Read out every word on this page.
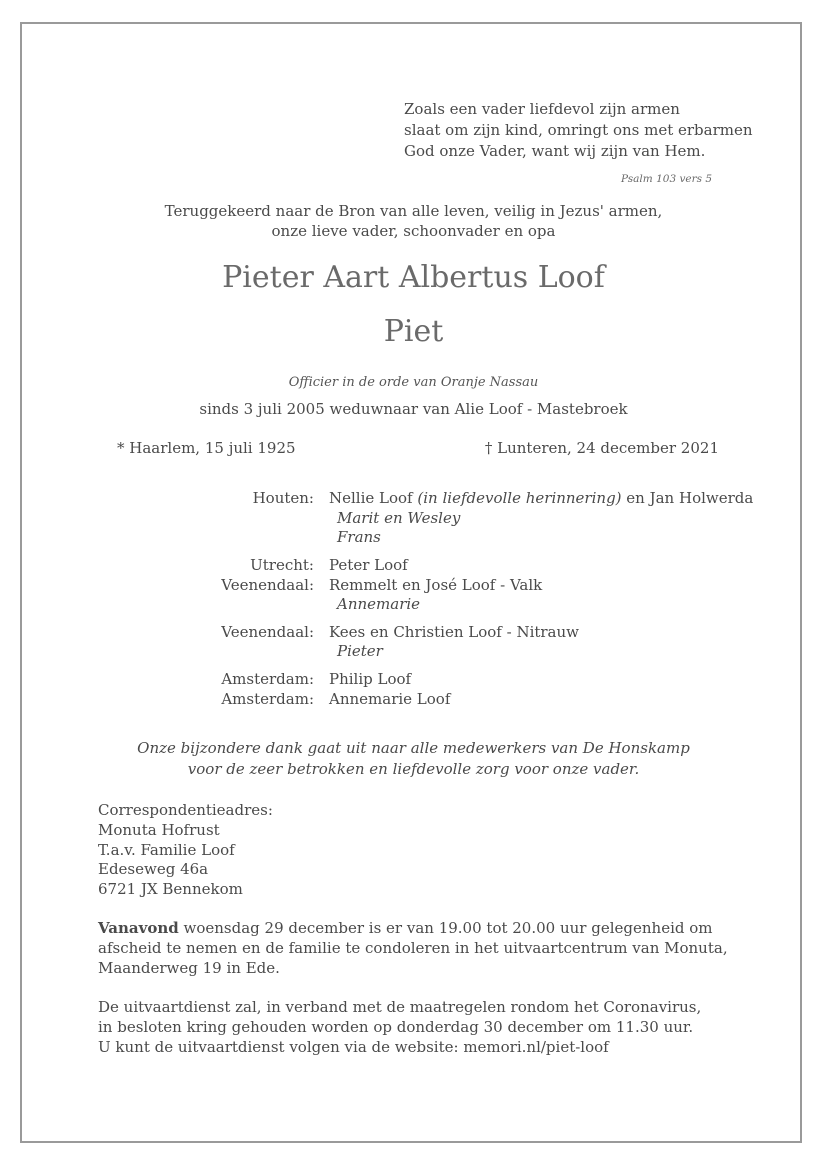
Zoals een vader liefdevol zijn armen
slaat om zijn kind, omringt ons met erbarmen
God onze Vader, want wij zijn van Hem.
Psalm 103 vers 5
Teruggekeerd naar de Bron van alle leven, veilig in Jezus' armen,
onze lieve vader, schoonvader en opa
Pieter Aart Albertus Loof
Piet
Officier in de orde van Oranje Nassau
sinds 3 juli 2005 weduwnaar van Alie Loof - Mastebroek
* Haarlem, 15 juli 1925	† Lunteren, 24 december 2021
Houten: Nellie Loof (in liefdevolle herinnering) en Jan Holwerda
Marit en Wesley
Frans
Utrecht: Peter Loof
Veenendaal: Remmelt en José Loof - Valk
Annemarie
Veenendaal: Kees en Christien Loof - Nitrauw
Pieter
Amsterdam: Philip Loof
Amsterdam: Annemarie Loof
Onze bijzondere dank gaat uit naar alle medewerkers van De Honskamp
voor de zeer betrokken en liefdevolle zorg voor onze vader.
Correspondentieadres:
Monuta Hofrust
T.a.v. Familie Loof
Edeseweg 46a
6721 JX Bennekom
Vanavond woensdag 29 december is er van 19.00 tot 20.00 uur gelegenheid om
afscheid te nemen en de familie te condoleren in het uitvaartcentrum van Monuta,
Maanderweg 19 in Ede.
De uitvaartdienst zal, in verband met de maatregelen rondom het Coronavirus,
in besloten kring gehouden worden op donderdag 30 december om 11.30 uur.
U kunt de uitvaartdienst volgen via de website: memori.nl/piet-loof
